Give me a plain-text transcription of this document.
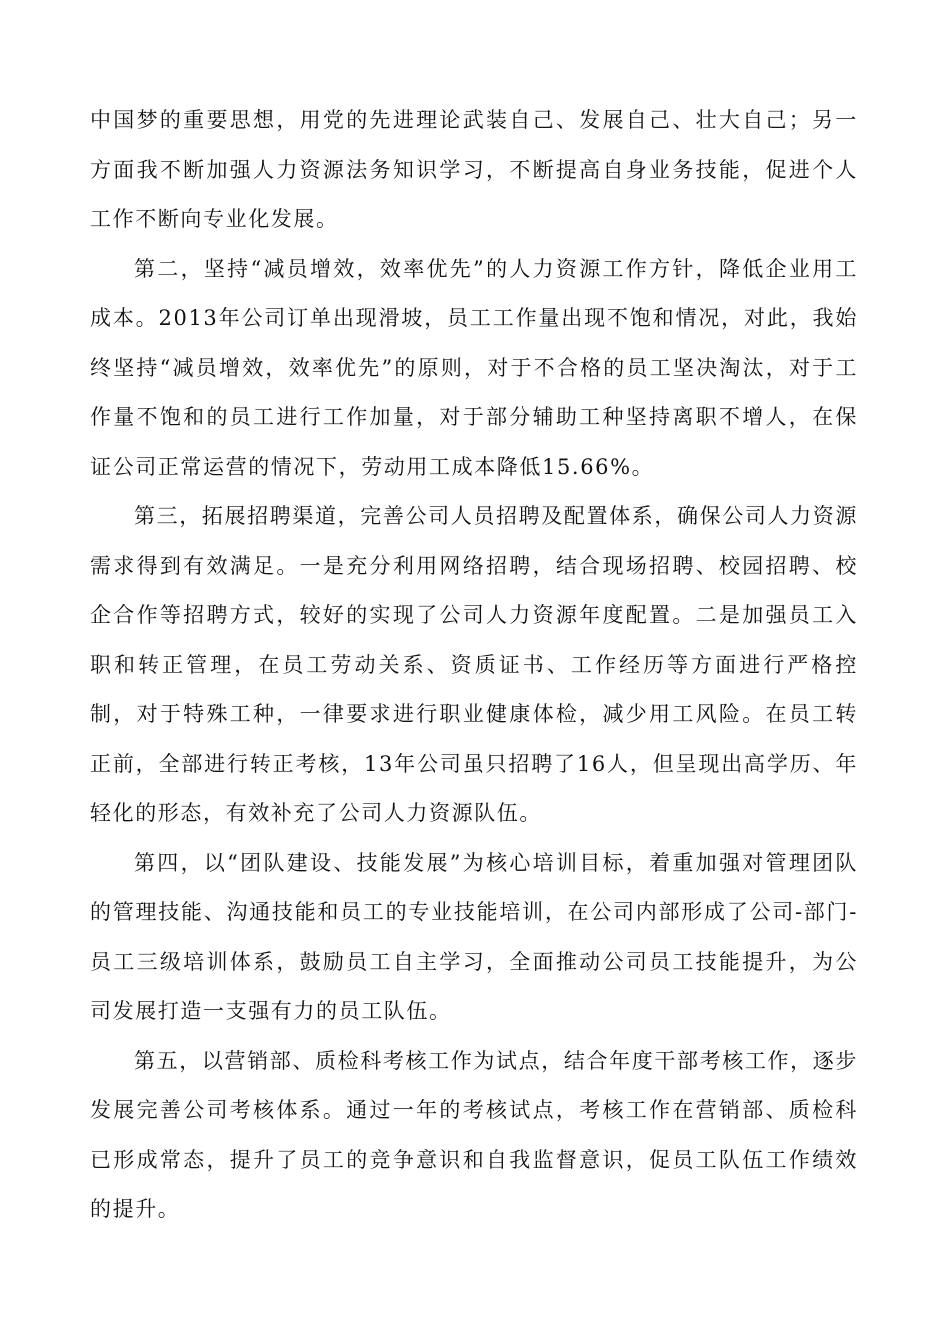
中国梦的重要思想，用党的先进理论武装自己、发展自己、壮大自己；另一方面我不断加强人力资源法务知识学习，不断提高自身业务技能，促进个人工作不断向专业化发展。

第二，坚持“减员增效，效率优先”的人力资源工作方针，降低企业用工成本。2013年公司订单出现滑坡，员工工作量出现不饱和情况，对此，我始终坚持“减员增效，效率优先”的原则，对于不合格的员工坚决淘汰，对于工作量不饱和的员工进行工作加量，对于部分辅助工种坚持离职不增人，在保证公司正常运营的情况下，劳动用工成本降低15.66%。

第三，拓展招聘渠道，完善公司人员招聘及配置体系，确保公司人力资源需求得到有效满足。一是充分利用网络招聘，结合现场招聘、校园招聘、校企合作等招聘方式，较好的实现了公司人力资源年度配置。二是加强员工入职和转正管理，在员工劳动关系、资质证书、工作经历等方面进行严格控制，对于特殊工种，一律要求进行职业健康体检，减少用工风险。在员工转正前，全部进行转正考核，13年公司虽只招聘了16人，但呈现出高学历、年轻化的形态，有效补充了公司人力资源队伍。

第四，以“团队建设、技能发展”为核心培训目标，着重加强对管理团队的管理技能、沟通技能和员工的专业技能培训，在公司内部形成了公司-部门-员工三级培训体系，鼓励员工自主学习，全面推动公司员工技能提升，为公司发展打造一支强有力的员工队伍。

第五，以营销部、质检科考核工作为试点，结合年度干部考核工作，逐步发展完善公司考核体系。通过一年的考核试点，考核工作在营销部、质检科已形成常态，提升了员工的竞争意识和自我监督意识，促员工队伍工作绩效的提升。
